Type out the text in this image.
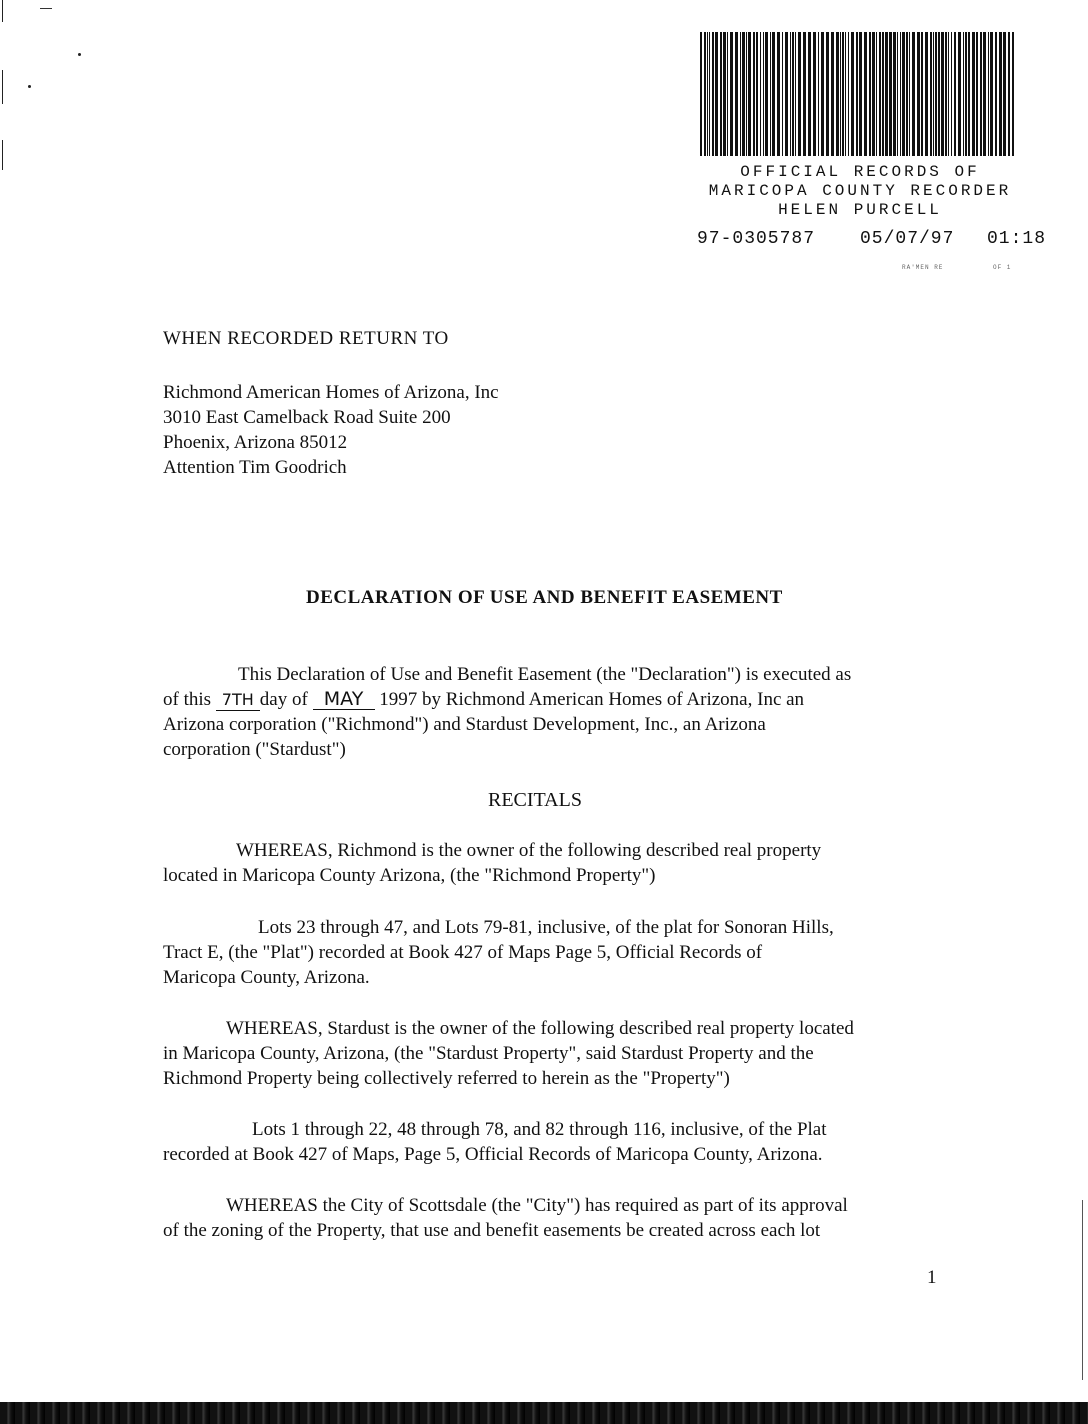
OFFICIAL RECORDS OF
MARICOPA COUNTY RECORDER
HELEN PURCELL
97-0305787 05/07/97 01:18
RA'MEN RE	OF 1
WHEN RECORDED RETURN TO
Richmond American Homes of Arizona, Inc
3010 East Camelback Road Suite 200
Phoenix, Arizona 85012
Attention Tim Goodrich
DECLARATION OF USE AND BENEFIT EASEMENT
This Declaration of Use and Benefit Easement (the "Declaration") is executed as
of this 7TH day of MAY 1997 by Richmond American Homes of Arizona, Inc an
Arizona corporation ("Richmond") and Stardust Development, Inc., an Arizona
corporation ("Stardust")
RECITALS
WHEREAS, Richmond is the owner of the following described real property
located in Maricopa County Arizona, (the "Richmond Property")
Lots 23 through 47, and Lots 79-81, inclusive, of the plat for Sonoran Hills,
Tract E, (the "Plat") recorded at Book 427 of Maps Page 5, Official Records of
Maricopa County, Arizona.
WHEREAS, Stardust is the owner of the following described real property located
in Maricopa County, Arizona, (the "Stardust Property", said Stardust Property and the
Richmond Property being collectively referred to herein as the "Property")
Lots 1 through 22, 48 through 78, and 82 through 116, inclusive, of the Plat
recorded at Book 427 of Maps, Page 5, Official Records of Maricopa County, Arizona.
WHEREAS the City of Scottsdale (the "City") has required as part of its approval
of the zoning of the Property, that use and benefit easements be created across each lot
1
